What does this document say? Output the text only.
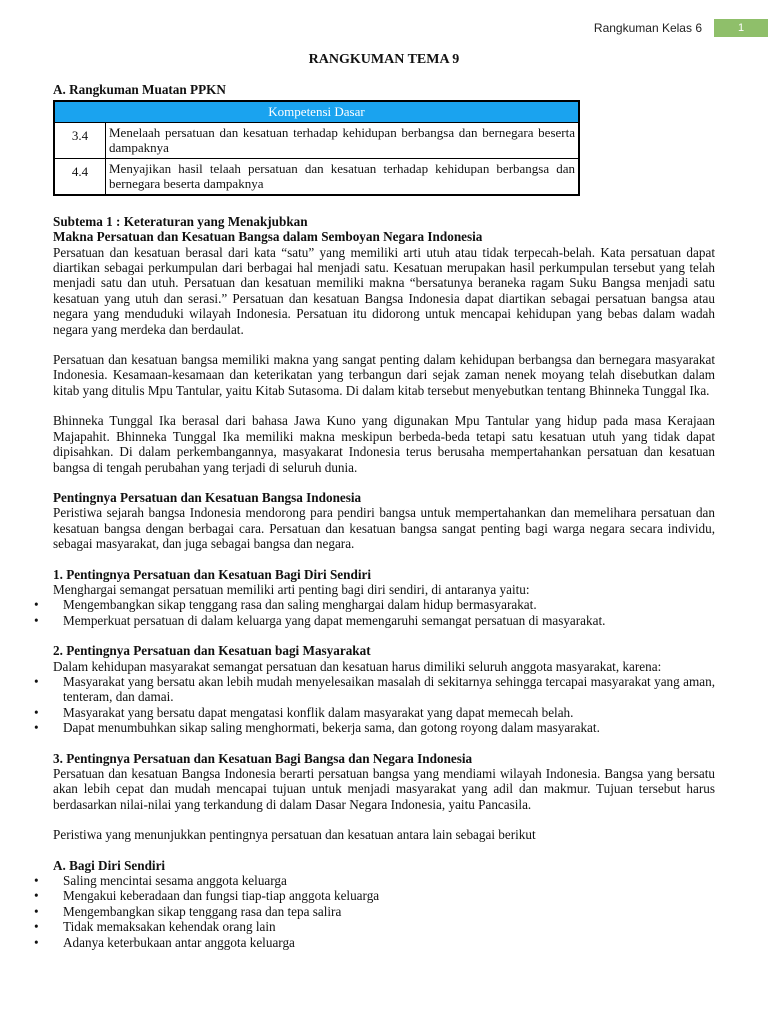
Rangkuman Kelas 6	1
RANGKUMAN TEMA 9
A. Rangkuman Muatan PPKN
Kompetensi Dasar	
3.4	Menelaah persatuan dan kesatuan terhadap kehidupan berbangsa dan bernegara beserta dampaknya
4.4	Menyajikan hasil telaah persatuan dan kesatuan terhadap kehidupan berbangsa dan bernegara beserta dampaknya
Subtema 1 : Keteraturan yang Menakjubkan
Makna Persatuan dan Kesatuan Bangsa dalam Semboyan Negara Indonesia

Persatuan dan kesatuan berasal dari kata “satu” yang memiliki arti utuh atau tidak terpecah-belah. Kata persatuan dapat diartikan sebagai perkumpulan dari berbagai hal menjadi satu. Kesatuan merupakan hasil perkumpulan tersebut yang telah menjadi satu dan utuh. Persatuan dan kesatuan memiliki makna “bersatunya beraneka ragam Suku Bangsa menjadi satu kesatuan yang utuh dan serasi.” Persatuan dan kesatuan Bangsa Indonesia dapat diartikan sebagai persatuan bangsa atau negara yang menduduki wilayah Indonesia. Persatuan itu didorong untuk mencapai kehidupan yang bebas dalam wadah negara yang merdeka dan berdaulat.

Persatuan dan kesatuan bangsa memiliki makna yang sangat penting dalam kehidupan berbangsa dan bernegara masyarakat Indonesia. Kesamaan-kesamaan dan keterikatan yang terbangun dari sejak zaman nenek moyang telah disebutkan dalam kitab yang ditulis Mpu Tantular, yaitu Kitab Sutasoma. Di dalam kitab tersebut menyebutkan tentang Bhinneka Tunggal Ika.

Bhinneka Tunggal Ika berasal dari bahasa Jawa Kuno yang digunakan Mpu Tantular yang hidup pada masa Kerajaan Majapahit. Bhinneka Tunggal Ika memiliki makna meskipun berbeda-beda tetapi satu kesatuan utuh yang tidak dapat dipisahkan. Di dalam perkembangannya, masyakarat Indonesia terus berusaha mempertahankan persatuan dan kesatuan bangsa di tengah perubahan yang terjadi di seluruh dunia.

Pentingnya Persatuan dan Kesatuan Bangsa Indonesia

Peristiwa sejarah bangsa Indonesia mendorong para pendiri bangsa untuk mempertahankan dan memelihara persatuan dan kesatuan bangsa dengan berbagai cara. Persatuan dan kesatuan bangsa sangat penting bagi warga negara secara individu, sebagai masyarakat, dan juga sebagai bangsa dan negara.

1. Pentingnya Persatuan dan Kesatuan Bagi Diri Sendiri

Menghargai semangat persatuan memiliki arti penting bagi diri sendiri, di antaranya yaitu:

• Mengembangkan sikap tenggang rasa dan saling menghargai dalam hidup bermasyarakat.
• Memperkuat persatuan di dalam keluarga yang dapat memengaruhi semangat persatuan di masyarakat.
2. Pentingnya Persatuan dan Kesatuan bagi Masyarakat

Dalam kehidupan masyarakat semangat persatuan dan kesatuan harus dimiliki seluruh anggota masyarakat, karena:

• Masyarakat yang bersatu akan lebih mudah menyelesaikan masalah di sekitarnya sehingga tercapai masyarakat yang aman, tenteram, dan damai.
• Masyarakat yang bersatu dapat mengatasi konflik dalam masyarakat yang dapat memecah belah.
• Dapat menumbuhkan sikap saling menghormati, bekerja sama, dan gotong royong dalam masyarakat.
3. Pentingnya Persatuan dan Kesatuan Bagi Bangsa dan Negara Indonesia

Persatuan dan kesatuan Bangsa Indonesia berarti persatuan bangsa yang mendiami wilayah Indonesia. Bangsa yang bersatu akan lebih cepat dan mudah mencapai tujuan untuk menjadi masyarakat yang adil dan makmur. Tujuan tersebut harus berdasarkan nilai-nilai yang terkandung di dalam Dasar Negara Indonesia, yaitu Pancasila.

Peristiwa yang menunjukkan pentingnya persatuan dan kesatuan antara lain sebagai berikut

A. Bagi Diri Sendiri
• Saling mencintai sesama anggota keluarga
• Mengakui keberadaan dan fungsi tiap-tiap anggota keluarga
• Mengembangkan sikap tenggang rasa dan tepa salira
• Tidak memaksakan kehendak orang lain
• Adanya keterbukaan antar anggota keluarga
